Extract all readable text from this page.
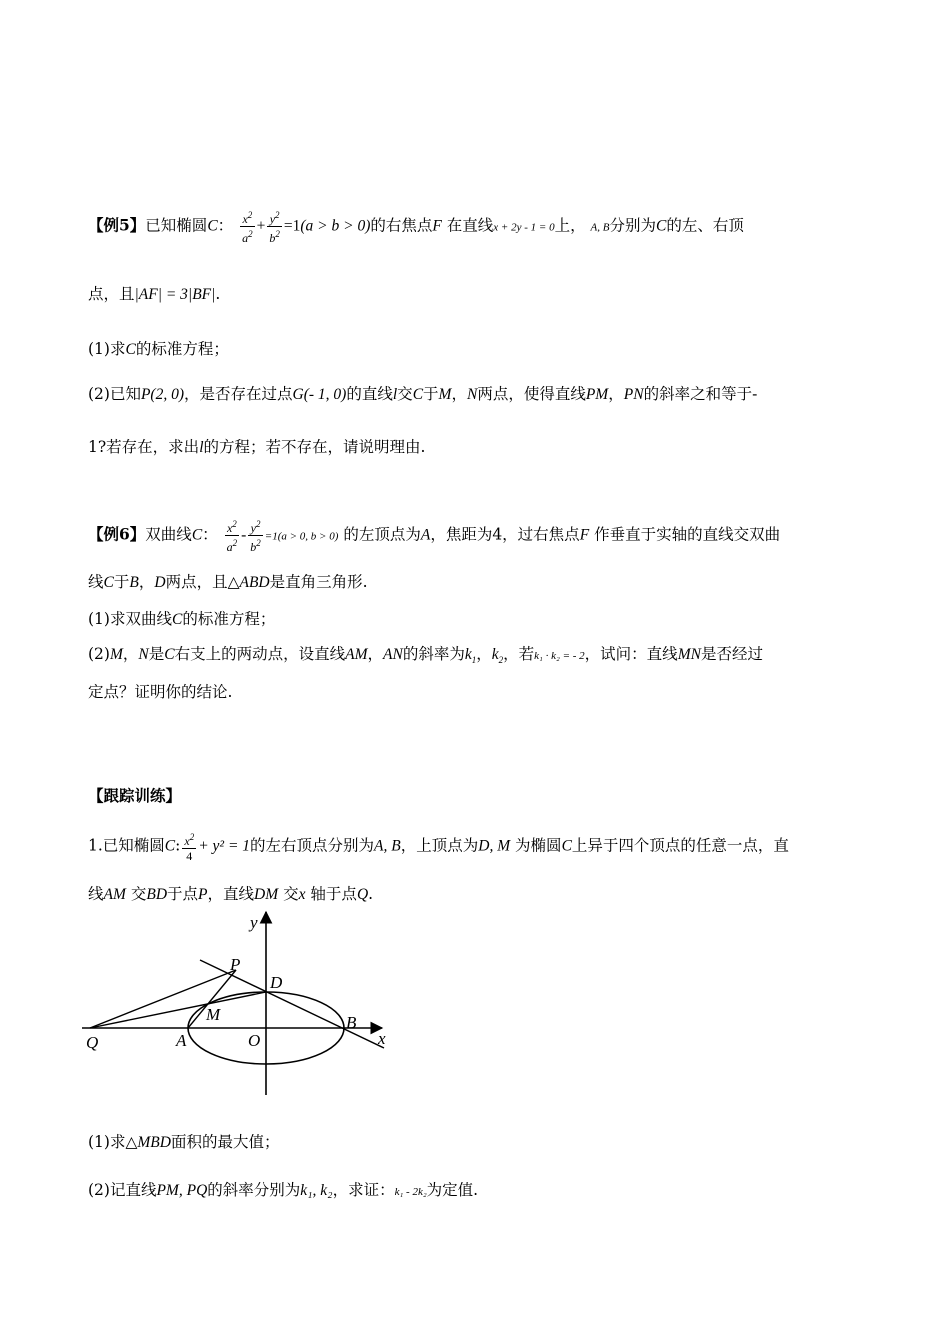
【例5】已知椭圆C： $\frac{x^2}{a^2} + \frac{y^2}{b^2} =1(a > b > 0)$的右焦点F 在直线x + 2y - 1 = 0上， A, B分别为C的左、右顶
点，且|AF| = 3|BF|.
(1)求C的标准方程；
(2)已知P(2, 0)，是否存在过点G(- 1, 0)的直线l交C于M，N两点，使得直线PM，PN的斜率之和等于-
1?若存在，求出l的方程；若不存在，请说明理由.
【例6】双曲线C： $\frac{x^2}{a^2} - \frac{y^2}{b^2} =1(a > 0$, b > 0) 的左顶点为A，焦距为4，过右焦点F 作垂直于实轴的直线交双曲
线C于B，D两点，且△ABD是直角三角形.
(1)求双曲线C的标准方程；
(2)M，N是C右支上的两动点，设直线AM，AN的斜率为$k_1$，$k_2$，若k₁ · k₂ = - 2，试问：直线MN是否经过
定点？证明你的结论.
【跟踪训练】
1.已知椭圆C: $\frac{x^2}{4} + y^2 = 1$的左右顶点分别为A, B，上顶点为D, M 为椭圆C上异于四个顶点的任意一点，直
线AM 交BD于点P，直线DM 交x 轴于点Q.
y
x
P
D
M
Q	A	O
B
(1)求△MBD面积的最大值；
(2)记直线PM, PQ的斜率分别为k₁, k₂，求证：k₁ - 2k₂为定值.
